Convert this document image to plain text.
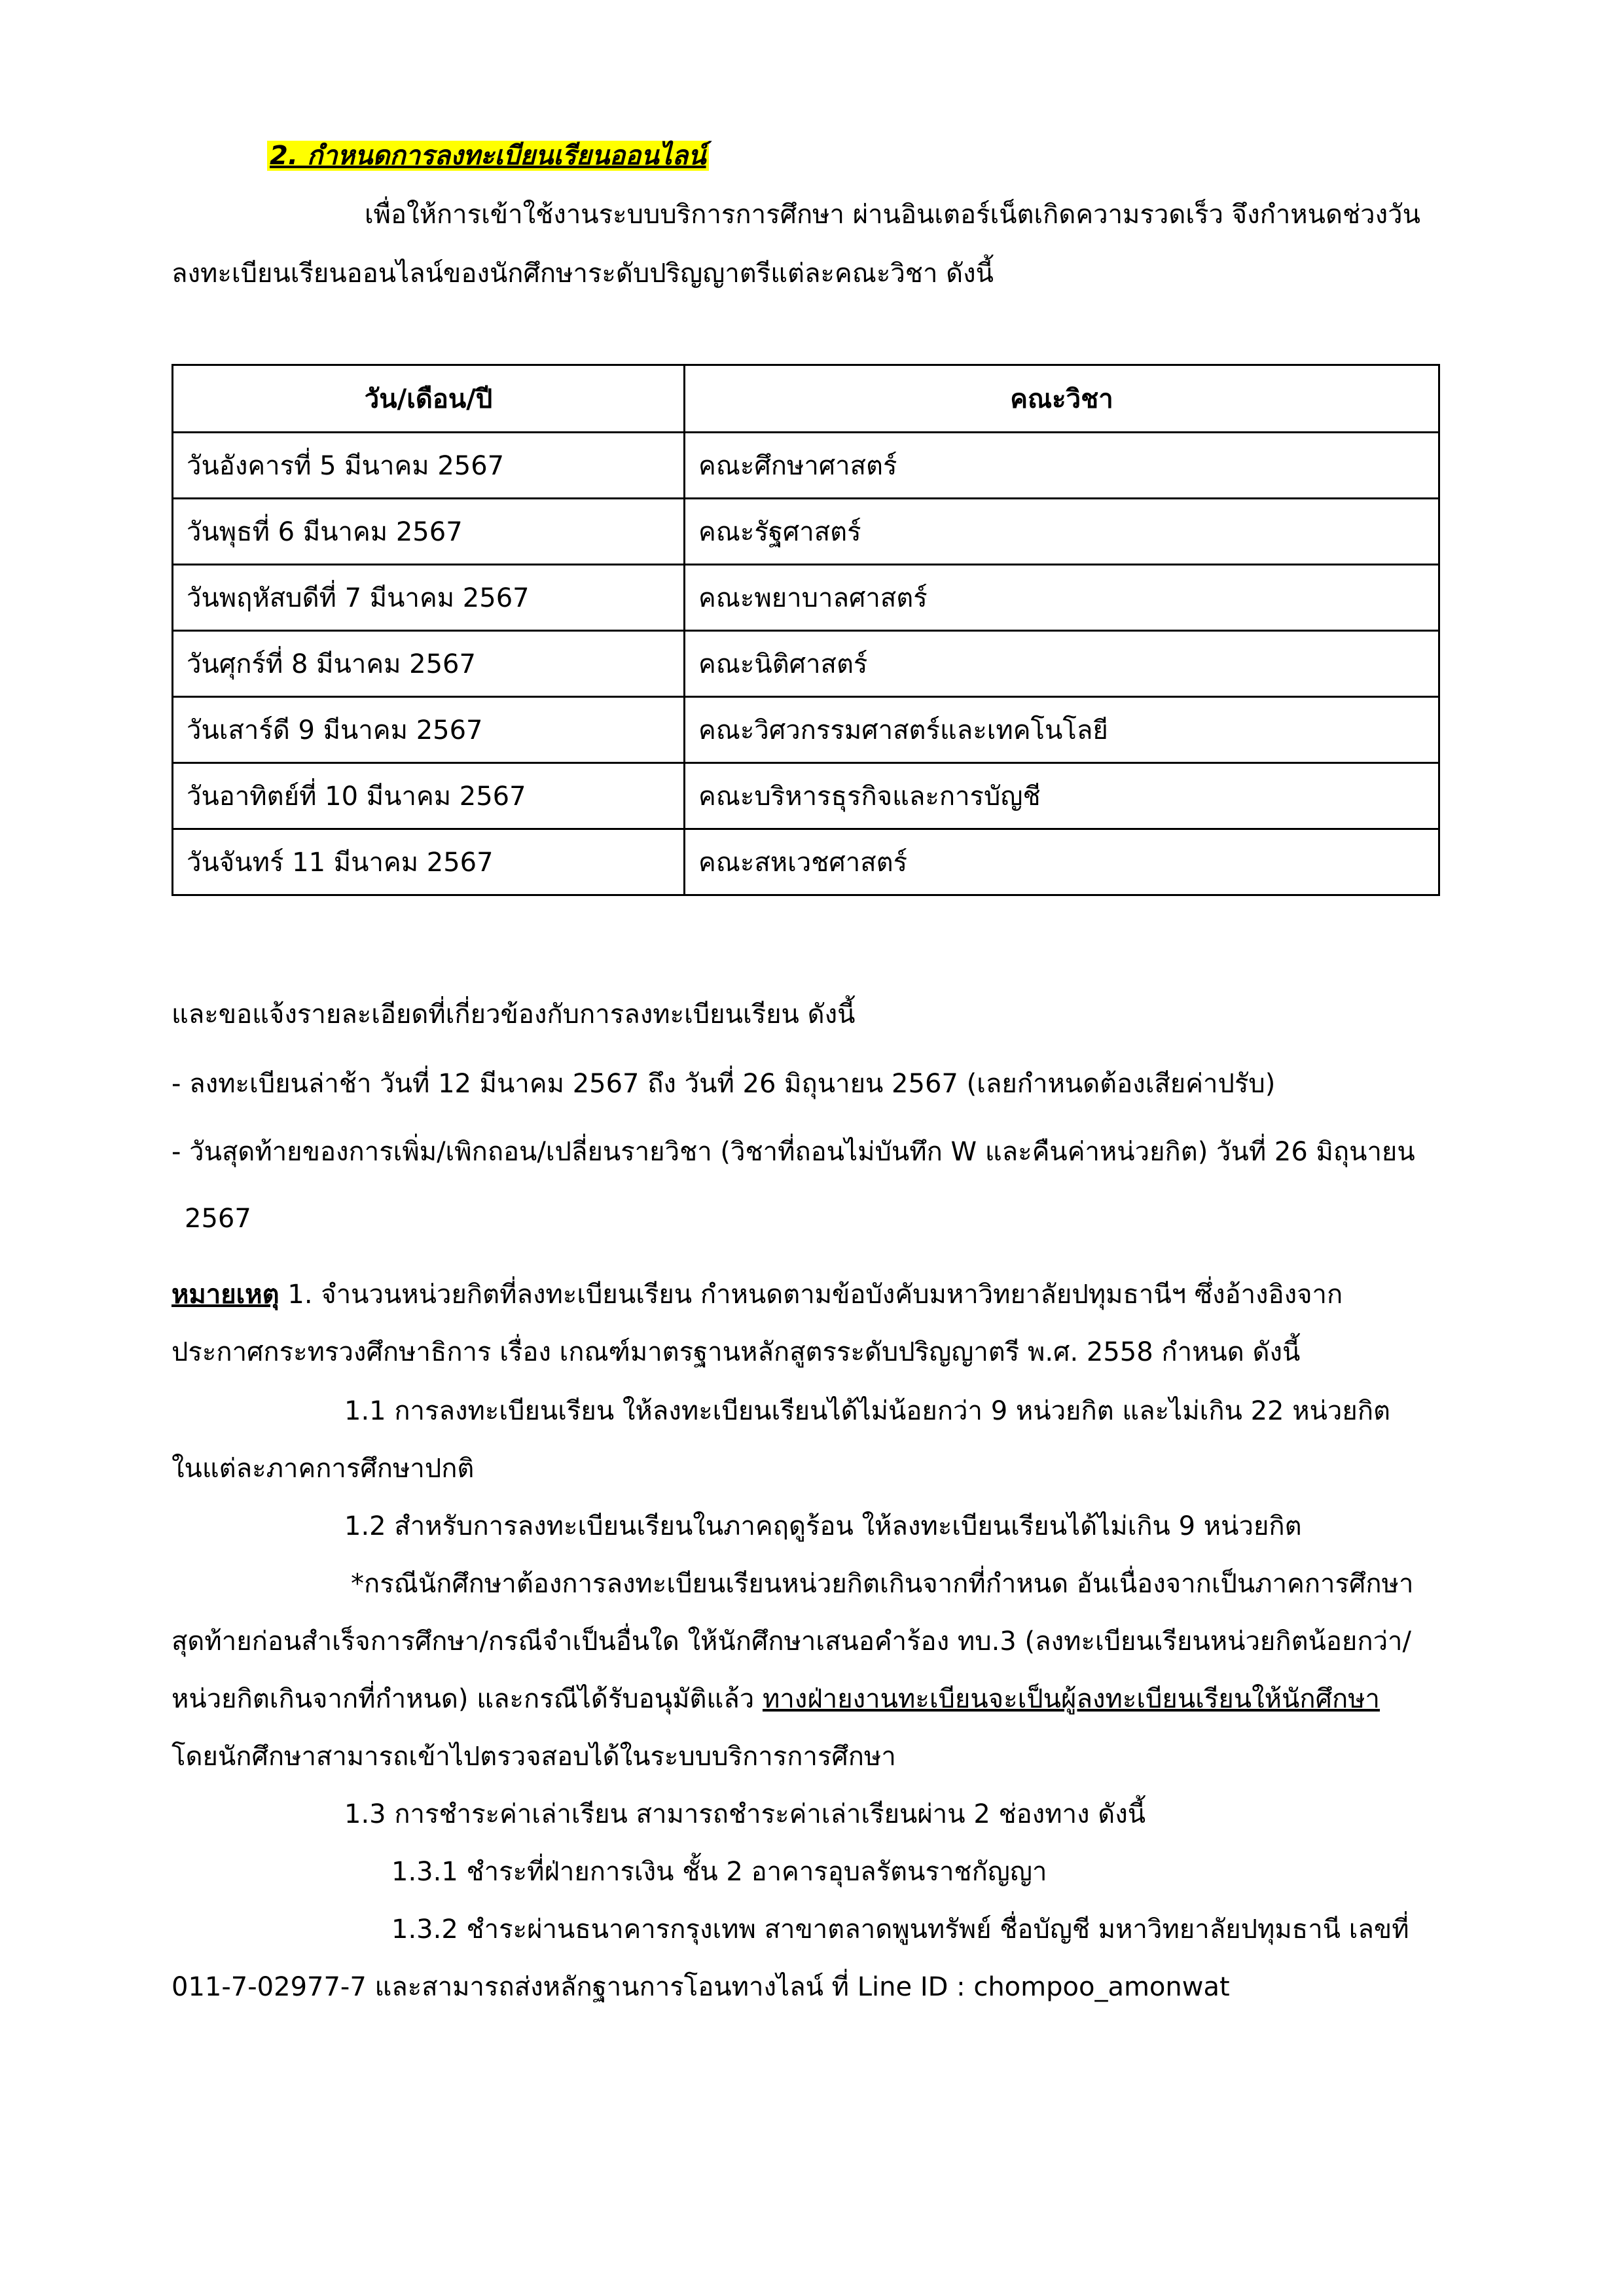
2. กำหนดการลงทะเบียนเรียนออนไลน์
เพื่อให้การเข้าใช้งานระบบบริการการศึกษา ผ่านอินเตอร์เน็ตเกิดความรวดเร็ว จึงกำหนดช่วงวัน
ลงทะเบียนเรียนออนไลน์ของนักศึกษาระดับปริญญาตรีแต่ละคณะวิชา ดังนี้
วัน/เดือน/ปี	คณะวิชา
วันอังคารที่ 5 มีนาคม 2567	คณะศึกษาศาสตร์
วันพุธที่ 6 มีนาคม 2567	คณะรัฐศาสตร์
วันพฤหัสบดีที่ 7 มีนาคม 2567	คณะพยาบาลศาสตร์
วันศุกร์ที่ 8 มีนาคม 2567	คณะนิติศาสตร์
วันเสาร์ดี 9 มีนาคม 2567	คณะวิศวกรรมศาสตร์และเทคโนโลยี
วันอาทิตย์ที่ 10 มีนาคม 2567	คณะบริหารธุรกิจและการบัญชี
วันจันทร์ 11 มีนาคม 2567	คณะสหเวชศาสตร์
และขอแจ้งรายละเอียดที่เกี่ยวข้องกับการลงทะเบียนเรียน ดังนี้
- ลงทะเบียนล่าช้า วันที่ 12 มีนาคม 2567 ถึง วันที่ 26 มิถุนายน 2567 (เลยกำหนดต้องเสียค่าปรับ)
- วันสุดท้ายของการเพิ่ม/เพิกถอน/เปลี่ยนรายวิชา (วิชาที่ถอนไม่บันทึก W และคืนค่าหน่วยกิต) วันที่ 26 มิถุนายน
2567
หมายเหตุ 1. จำนวนหน่วยกิตที่ลงทะเบียนเรียน กำหนดตามข้อบังคับมหาวิทยาลัยปทุมธานีฯ ซึ่งอ้างอิงจาก
ประกาศกระทรวงศึกษาธิการ เรื่อง เกณฑ์มาตรฐานหลักสูตรระดับปริญญาตรี พ.ศ. 2558 กำหนด ดังนี้
1.1 การลงทะเบียนเรียน ให้ลงทะเบียนเรียนได้ไม่น้อยกว่า 9 หน่วยกิต และไม่เกิน 22 หน่วยกิต
ในแต่ละภาคการศึกษาปกติ
1.2 สำหรับการลงทะเบียนเรียนในภาคฤดูร้อน ให้ลงทะเบียนเรียนได้ไม่เกิน 9 หน่วยกิต
*กรณีนักศึกษาต้องการลงทะเบียนเรียนหน่วยกิตเกินจากที่กำหนด อันเนื่องจากเป็นภาคการศึกษา
สุดท้ายก่อนสำเร็จการศึกษา/กรณีจำเป็นอื่นใด ให้นักศึกษาเสนอคำร้อง ทบ.3 (ลงทะเบียนเรียนหน่วยกิตน้อยกว่า/
หน่วยกิตเกินจากที่กำหนด) และกรณีได้รับอนุมัติแล้ว ทางฝ่ายงานทะเบียนจะเป็นผู้ลงทะเบียนเรียนให้นักศึกษา
โดยนักศึกษาสามารถเข้าไปตรวจสอบได้ในระบบบริการการศึกษา
1.3 การชำระค่าเล่าเรียน สามารถชำระค่าเล่าเรียนผ่าน 2 ช่องทาง ดังนี้
1.3.1 ชำระที่ฝ่ายการเงิน ชั้น 2 อาคารอุบลรัตนราชกัญญา
1.3.2 ชำระผ่านธนาคารกรุงเทพ สาขาตลาดพูนทรัพย์ ชื่อบัญชี มหาวิทยาลัยปทุมธานี เลขที่
011-7-02977-7 และสามารถส่งหลักฐานการโอนทางไลน์ ที่ Line ID : chompoo_amonwat
